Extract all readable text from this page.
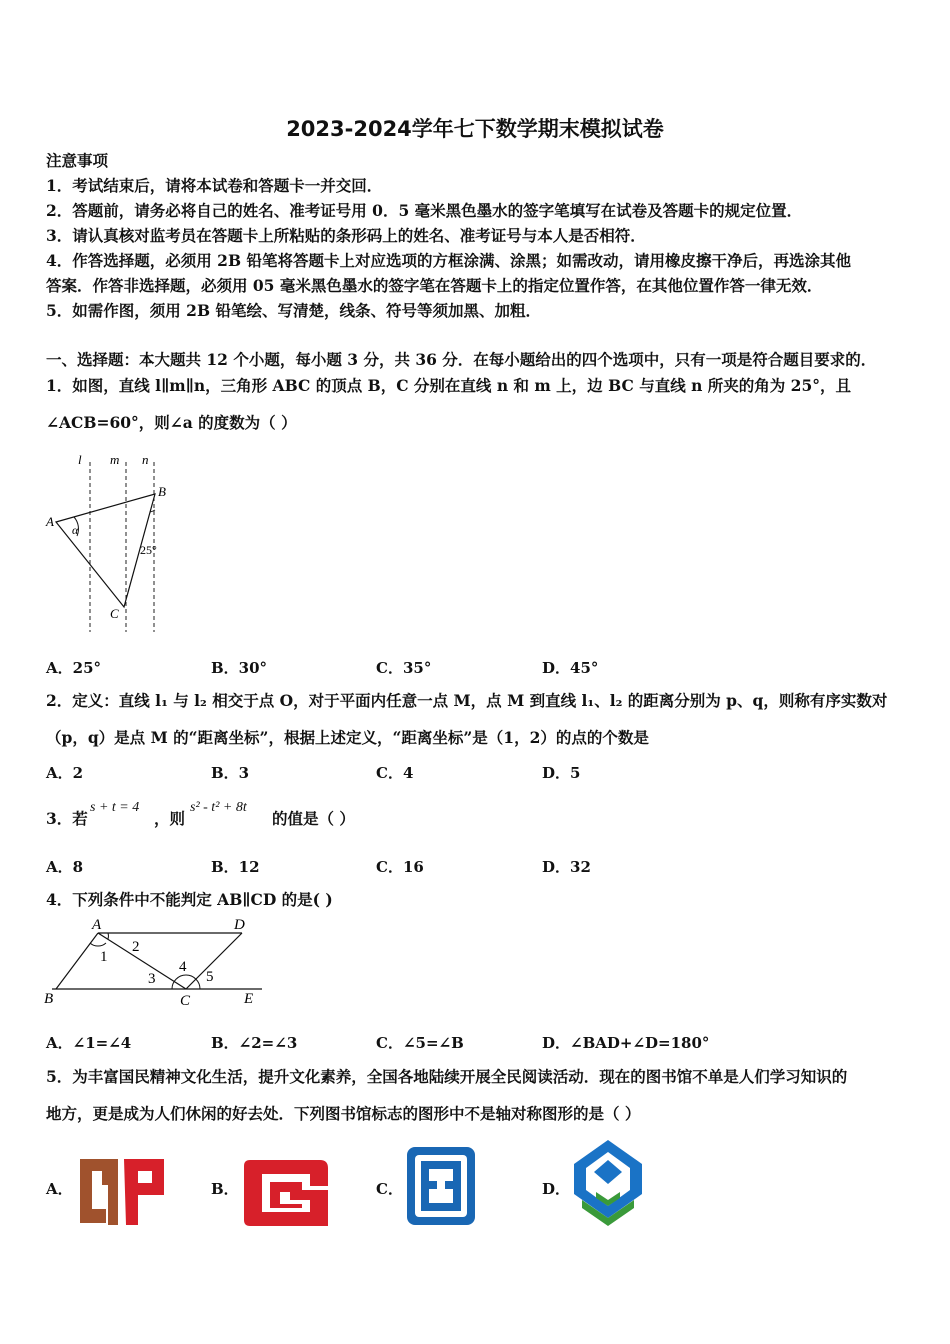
2023-2024学年七下数学期末模拟试卷
注意事项
1．考试结束后，请将本试卷和答题卡一并交回．
2．答题前，请务必将自己的姓名、准考证号用 0．5 毫米黑色墨水的签字笔填写在试卷及答题卡的规定位置．
3．请认真核对监考员在答题卡上所粘贴的条形码上的姓名、准考证号与本人是否相符．
4．作答选择题，必须用 2B 铅笔将答题卡上对应选项的方框涂满、涂黑；如需改动，请用橡皮擦干净后，再选涂其他
答案．作答非选择题，必须用 05 毫米黑色墨水的签字笔在答题卡上的指定位置作答，在其他位置作答一律无效．
5．如需作图，须用 2B 铅笔绘、写清楚，线条、符号等须加黑、加粗．
一、选择题：本大题共 12 个小题，每小题 3 分，共 36 分．在每小题给出的四个选项中，只有一项是符合题目要求的．
1．如图，直线 l∥m∥n，三角形 ABC 的顶点 B，C 分别在直线 n 和 m 上，边 BC 与直线 n 所夹的角为 25°，且
∠ACB=60°，则∠a 的度数为（ ）
l m n
A
B
C
α
25°
A．25°	B．30°	C．35°	D．45°
2．定义：直线 l₁ 与 l₂ 相交于点 O，对于平面内任意一点 M，点 M 到直线 l₁、l₂ 的距离分别为 p、q，则称有序实数对
（p，q）是点 M 的“距离坐标”，根据上述定义，“距离坐标”是（1，2）的点的个数是
A．2	B．3	C．4	D．5
3．若
s + t = 4
，则
s² - t² + 8t
的值是（ ）
A．8	B．12	C．16	D．32
4．下列条件中不能判定 AB∥CD 的是( )
A	D
B	C	E
1
2
3
4
5
A．∠1=∠4	B．∠2=∠3	C．∠5=∠B	D．∠BAD+∠D=180°
5．为丰富国民精神文化生活，提升文化素养，全国各地陆续开展全民阅读活动．现在的图书馆不单是人们学习知识的
地方，更是成为人们休闲的好去处．下列图书馆标志的图形中不是轴对称图形的是（ ）
A．	B．	C．	D．
